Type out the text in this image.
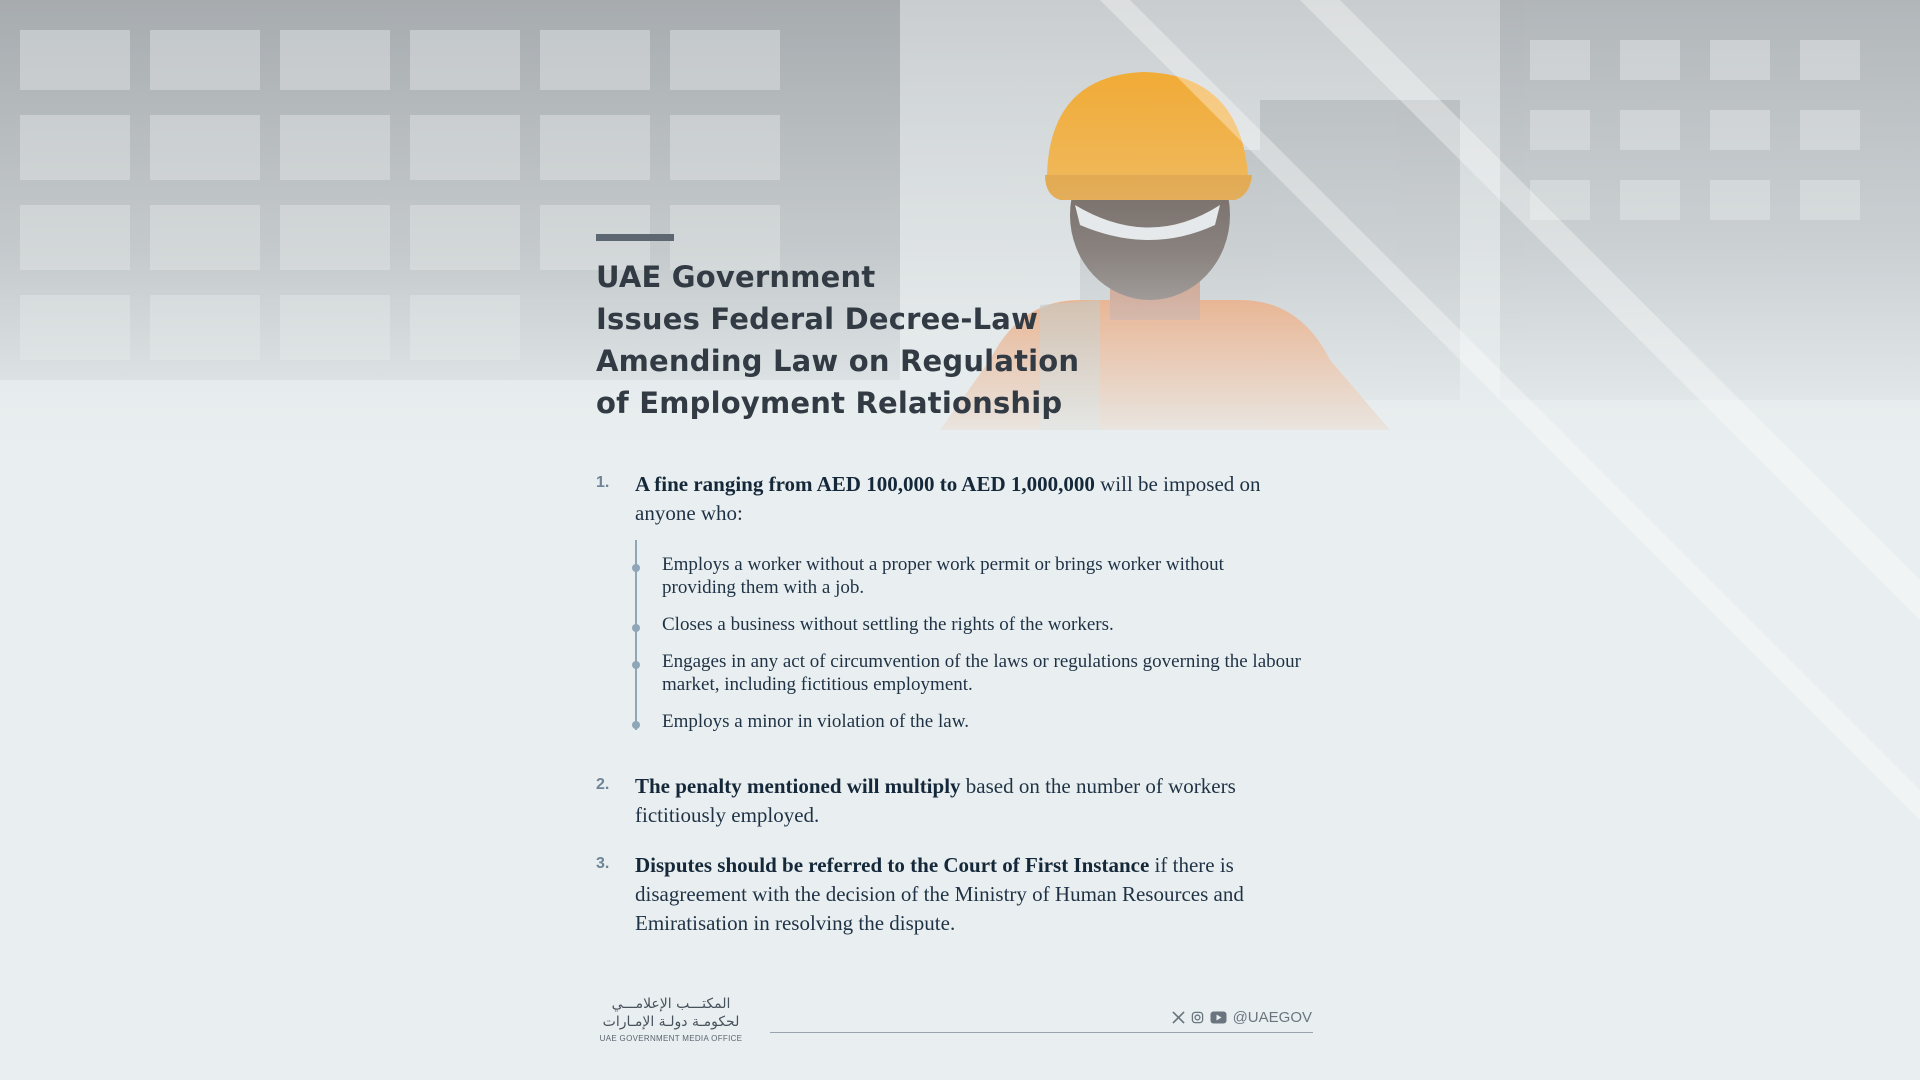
UAE Government
Issues Federal Decree-Law
Amending Law on Regulation
of Employment Relationship
1. A fine ranging from AED 100,000 to AED 1,000,000 will be imposed on anyone who:
Employs a worker without a proper work permit or brings worker without providing them with a job.
Closes a business without settling the rights of the workers.
Engages in any act of circumvention of the laws or regulations governing the labour market, including fictitious employment.
Employs a minor in violation of the law.
2. The penalty mentioned will multiply based on the number of workers fictitiously employed.
3. Disputes should be referred to the Court of First Instance if there is disagreement with the decision of the Ministry of Human Resources and Emiratisation in resolving the dispute.
المكتـــب الإعلامـــي
لحكومـة دولـة الإمـارات
UAE GOVERNMENT MEDIA OFFICE
@UAEGOV
